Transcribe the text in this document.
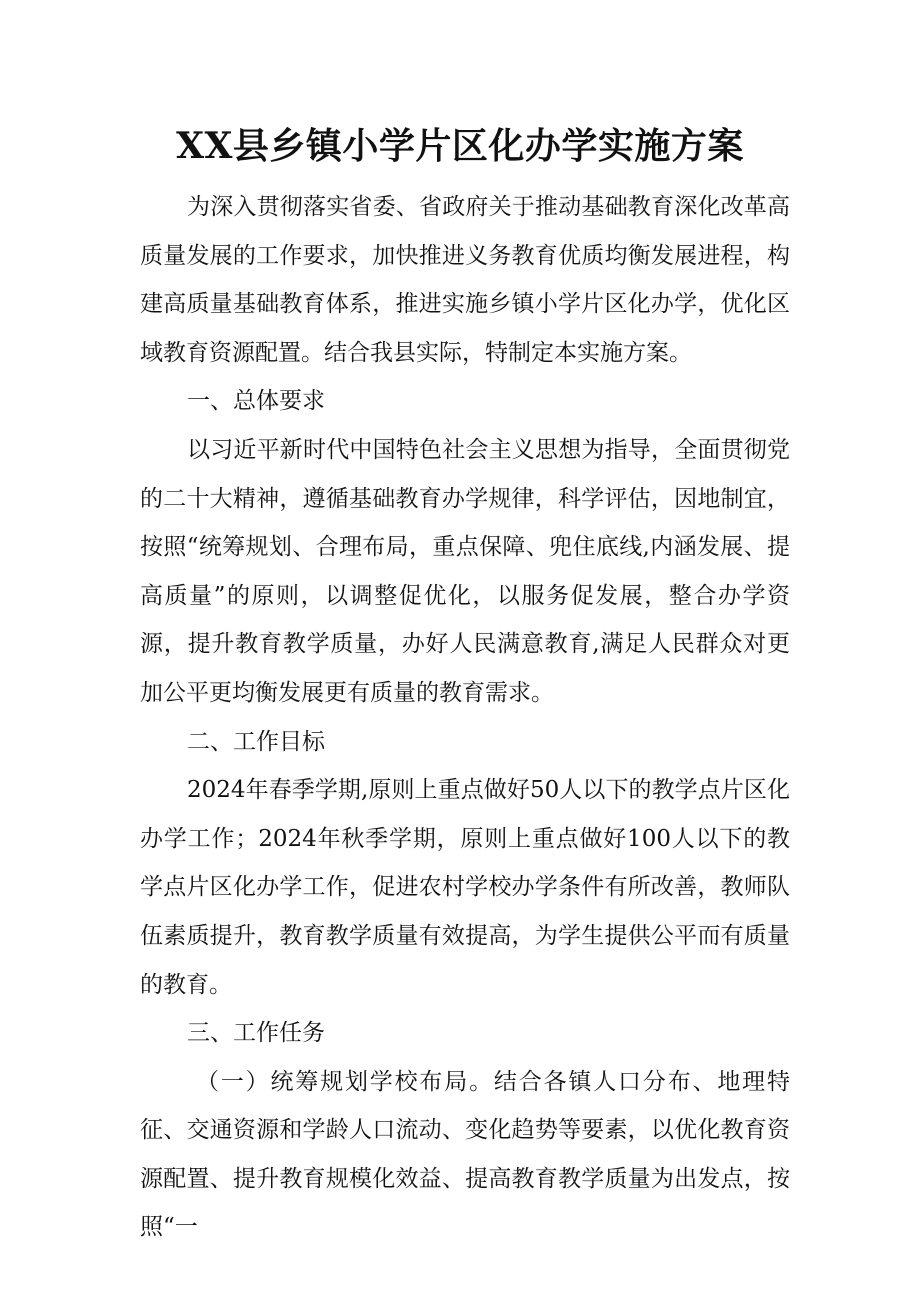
XX县乡镇小学片区化办学实施方案

为深入贯彻落实省委、省政府关于推动基础教育深化改革高质量发展的工作要求，加快推进义务教育优质均衡发展进程，构建高质量基础教育体系，推进实施乡镇小学片区化办学，优化区域教育资源配置。结合我县实际，特制定本实施方案。

一、总体要求

以习近平新时代中国特色社会主义思想为指导，全面贯彻党的二十大精神，遵循基础教育办学规律，科学评估，因地制宜，按照“统筹规划、合理布局，重点保障、兜住底线,内涵发展、提高质量”的原则，以调整促优化，以服务促发展，整合办学资源，提升教育教学质量，办好人民满意教育,满足人民群众对更加公平更均衡发展更有质量的教育需求。

二、工作目标

2024年春季学期,原则上重点做好50人以下的教学点片区化办学工作；2024年秋季学期，原则上重点做好100人以下的教学点片区化办学工作，促进农村学校办学条件有所改善，教师队伍素质提升，教育教学质量有效提高，为学生提供公平而有质量的教育。

三、工作任务

（一）统筹规划学校布局。结合各镇人口分布、地理特征、交通资源和学龄人口流动、变化趋势等要素，以优化教育资源配置、提升教育规模化效益、提高教育教学质量为出发点，按照“一
